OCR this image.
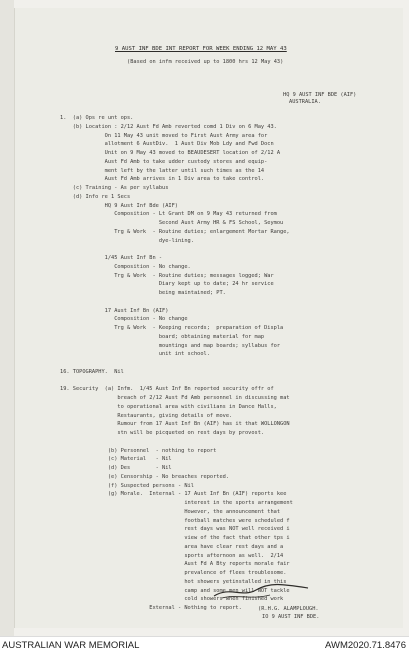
9 AUST INF BDE INT REPORT FOR WEEK ENDING 12 MAY 43
(Based on infm received up to 1800 hrs 12 May 43)
HQ 9 AUST INF BDE (AIF)
AUSTRALIA.
1.  (a) Ops re unt ops.
(b) Location : 2/12 Aust Fd Amb reverted comd 1 Div on 6 May 43.
On 11 May 43 unit moved to First Aust Army area for
allotment 6 AustDiv.  1 Aust Div Mob Ldy and Fwd Docn
Unit on 9 May 43 moved to BEAUDESERT location of 2/12 A
Aust Fd Amb to take udder custody stores and equip-
ment left by the latter until such times as the 14
Aust Fd Amb arrives in 1 Div area to take control.
(c) Training - As per syllabus
(d) Info re 1 Secs
HQ 9 Aust Inf Bde (AIF)
Composition - Lt Grant DM on 9 May 43 returned from
Second Aust Army HR & FS School, Seymou
Trg & Work  - Routine duties; enlargement Mortar Range,
dye-lining.
1/45 Aust Inf Bn -
Composition - No change.
Trg & Work  - Routine duties; messages logged; War
Diary kept up to date; 24 hr service
being maintained; PT.
17 Aust Inf Bn (AIF)
Composition - No change
Trg & Work  - Keeping records;  preparation of Displa
board; obtaining material for map
mountings and map boards; syllabus for
unit int school.
16. TOPOGRAPHY.  Nil
19. Security  (a) Infm.  1/45 Aust Inf Bn reported security offr of
breach of 2/12 Aust Fd Amb personnel in discussing mat
to operational area with civilians in Dance Halls,
Restaurants, giving details of move.
Rumour from 17 Aust Inf Bn (AIF) has it that WOLLONGON
stn will be picqueted on rest days by provost.
(b) Personnel  - nothing to report
(c) Material   - Nil
(d) Des        - Nil
(e) Censorship - No breaches reported.
(f) Suspected persons - Nil
(g) Morale.  Internal - 17 Aust Inf Bn (AIF) reports kee
interest in the sports arrangement
However, the announcement that
football matches were scheduled f
rest days was NOT well received i
view of the fact that other tps i
area have clear rest days and a
sports afternoon as well.  2/14
Aust Fd A Bty reports morale fair
prevalence of flees troublesome.
hot showers yetinstalled in this
camp and some men will NOT tackle
cold showers when finished work
External - Nothing to report.	(R.H.G. ALAMPLOUGH.
IO 9 AUST INF BDE.
AUSTRALIAN WAR MEMORIAL	AWM2020.71.8476
